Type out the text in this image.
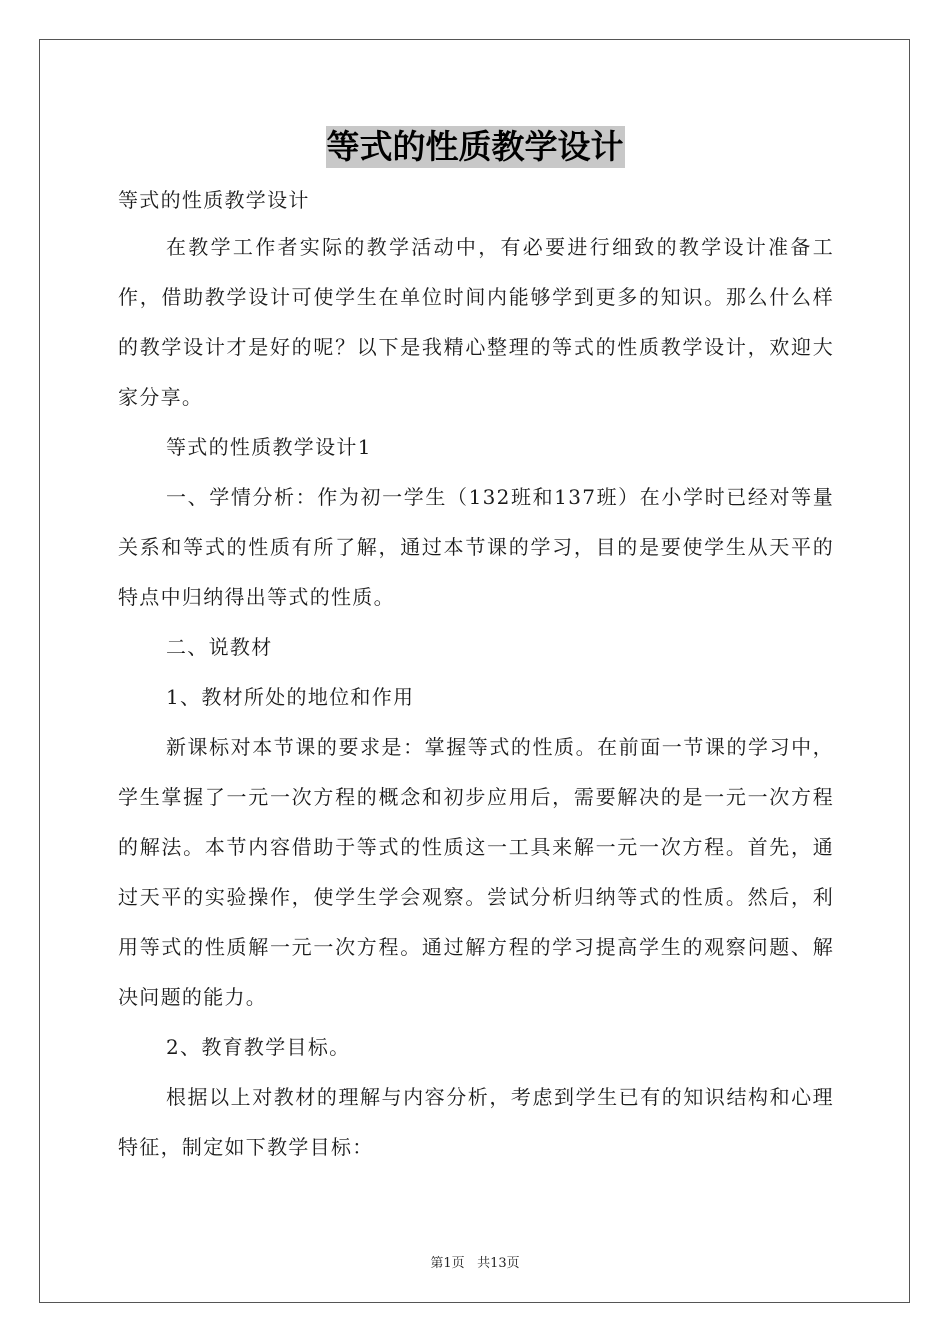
等式的性质教学设计

等式的性质教学设计

在教学工作者实际的教学活动中，有必要进行细致的教学设计准备工作，借助教学设计可使学生在单位时间内能够学到更多的知识。那么什么样的教学设计才是好的呢？以下是我精心整理的等式的性质教学设计，欢迎大家分享。

等式的性质教学设计1

一、学情分析：作为初一学生（132班和137班）在小学时已经对等量关系和等式的性质有所了解，通过本节课的学习，目的是要使学生从天平的特点中归纳得出等式的性质。

二、说教材

1、教材所处的地位和作用

新课标对本节课的要求是：掌握等式的性质。在前面一节课的学习中，学生掌握了一元一次方程的概念和初步应用后，需要解决的是一元一次方程的解法。本节内容借助于等式的性质这一工具来解一元一次方程。首先，通过天平的实验操作，使学生学会观察。尝试分析归纳等式的性质。然后，利用等式的性质解一元一次方程。通过解方程的学习提高学生的观察问题、解决问题的能力。

2、教育教学目标。

根据以上对教材的理解与内容分析，考虑到学生已有的知识结构和心理特征，制定如下教学目标：

第1页 共13页
